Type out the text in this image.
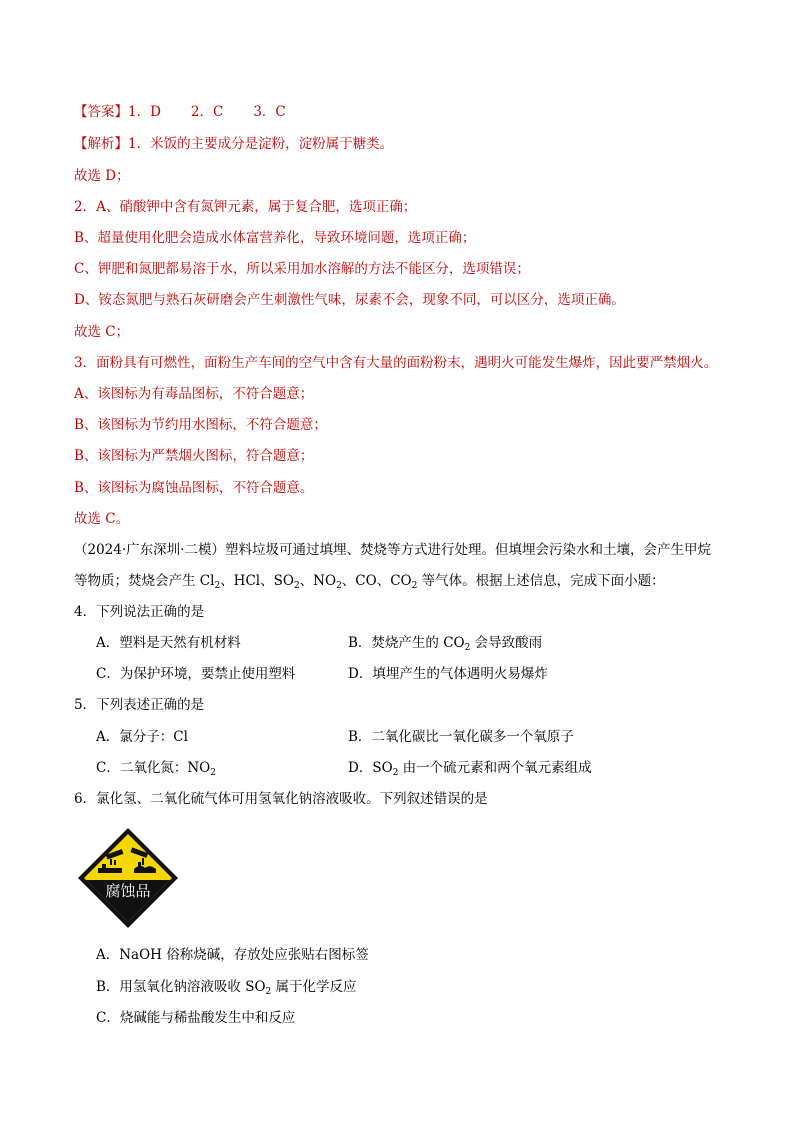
【答案】1．D 2．C 3．C
【解析】1．米饭的主要成分是淀粉，淀粉属于糖类。
故选 D；
2．A、硝酸钾中含有氮钾元素，属于复合肥，选项正确；
B、超量使用化肥会造成水体富营养化，导致环境问题，选项正确；
C、钾肥和氮肥都易溶于水，所以采用加水溶解的方法不能区分，选项错误；
D、铵态氮肥与熟石灰研磨会产生刺激性气味，尿素不会，现象不同，可以区分，选项正确。
故选 C；
3．面粉具有可燃性，面粉生产车间的空气中含有大量的面粉粉末，遇明火可能发生爆炸，因此要严禁烟火。
A、该图标为有毒品图标，不符合题意；
B、该图标为节约用水图标，不符合题意；
B、该图标为严禁烟火图标，符合题意；
B、该图标为腐蚀品图标，不符合题意。
故选 C。
（2024·广东深圳·二模）塑料垃圾可通过填埋、焚烧等方式进行处理。但填埋会污染水和土壤，会产生甲烷
等物质；焚烧会产生 $Cl_2$、HCl、$SO_2$、$NO_2$、CO、$CO_2$ 等气体。根据上述信息，完成下面小题：
4．下列说法正确的是
A．塑料是天然有机材料	B．焚烧产生的 $CO_2$ 会导致酸雨
C．为保护环境，要禁止使用塑料	D．填埋产生的气体遇明火易爆炸
5．下列表述正确的是
A．氯分子：Cl	B．二氧化碳比一氧化碳多一个氧原子
C．二氧化氮：$NO_2$	D．$SO_2$ 由一个硫元素和两个氧元素组成
6．氯化氢、二氧化硫气体可用氢氧化钠溶液吸收。下列叙述错误的是
腐蚀品
A．NaOH 俗称烧碱，存放处应张贴右图标签
B．用氢氧化钠溶液吸收 $SO_2$ 属于化学反应
C．烧碱能与稀盐酸发生中和反应
